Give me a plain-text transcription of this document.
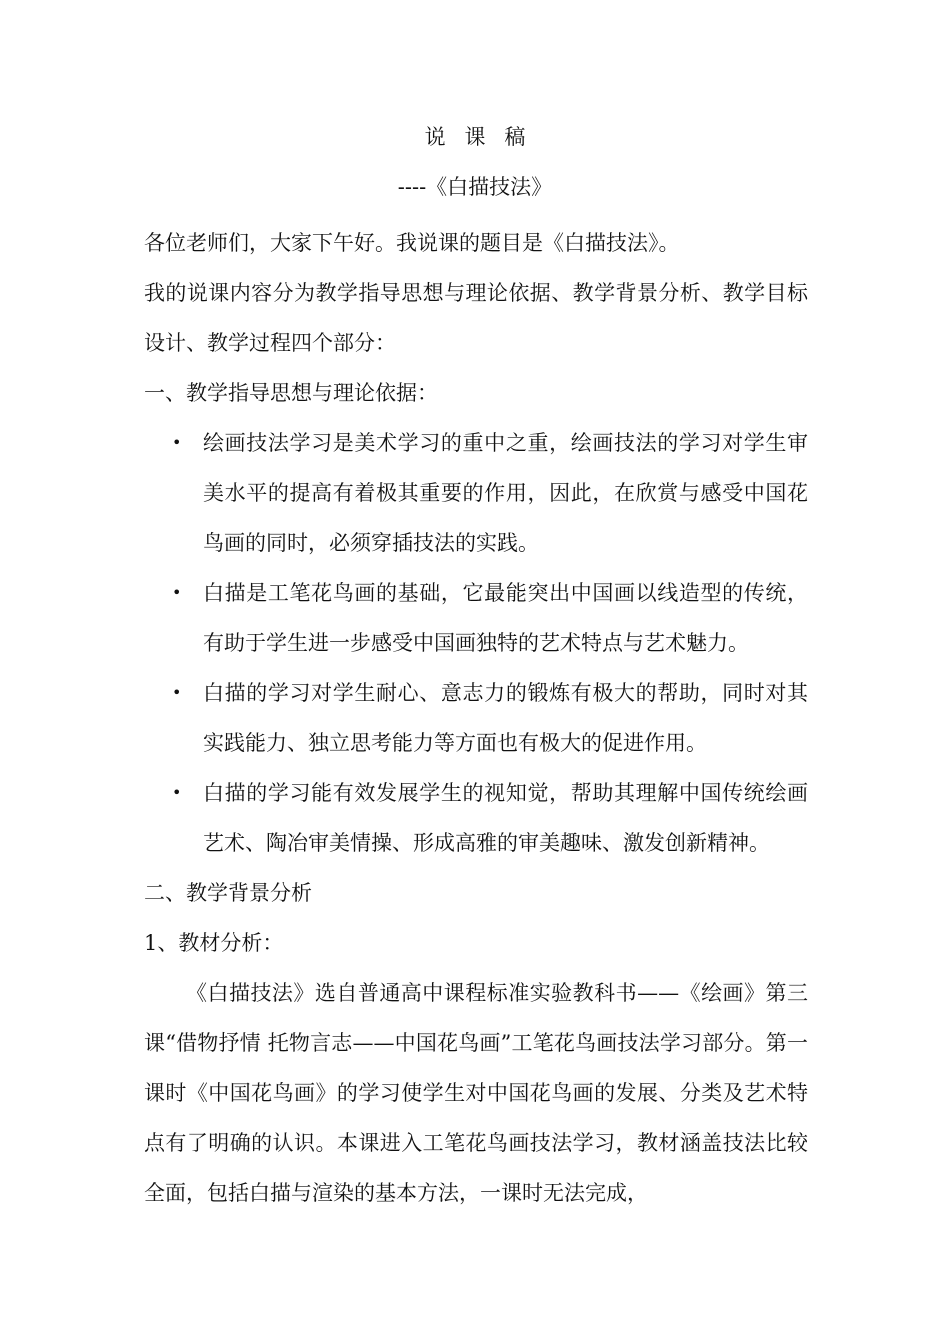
说课稿
----《白描技法》

各位老师们，大家下午好。我说课的题目是《白描技法》。

我的说课内容分为教学指导思想与理论依据、教学背景分析、教学目标设计、教学过程四个部分：

一、教学指导思想与理论依据：

• 绘画技法学习是美术学习的重中之重，绘画技法的学习对学生审美水平的提高有着极其重要的作用，因此，在欣赏与感受中国花鸟画的同时，必须穿插技法的实践。
• 白描是工笔花鸟画的基础，它最能突出中国画以线造型的传统，有助于学生进一步感受中国画独特的艺术特点与艺术魅力。
• 白描的学习对学生耐心、意志力的锻炼有极大的帮助，同时对其实践能力、独立思考能力等方面也有极大的促进作用。
• 白描的学习能有效发展学生的视知觉，帮助其理解中国传统绘画艺术、陶冶审美情操、形成高雅的审美趣味、激发创新精神。

二、教学背景分析

1、教材分析：

《白描技法》选自普通高中课程标准实验教科书——《绘画》第三课“借物抒情 托物言志——中国花鸟画”工笔花鸟画技法学习部分。第一课时《中国花鸟画》的学习使学生对中国花鸟画的发展、分类及艺术特点有了明确的认识。本课进入工笔花鸟画技法学习，教材涵盖技法比较全面，包括白描与渲染的基本方法，一课时无法完成，
